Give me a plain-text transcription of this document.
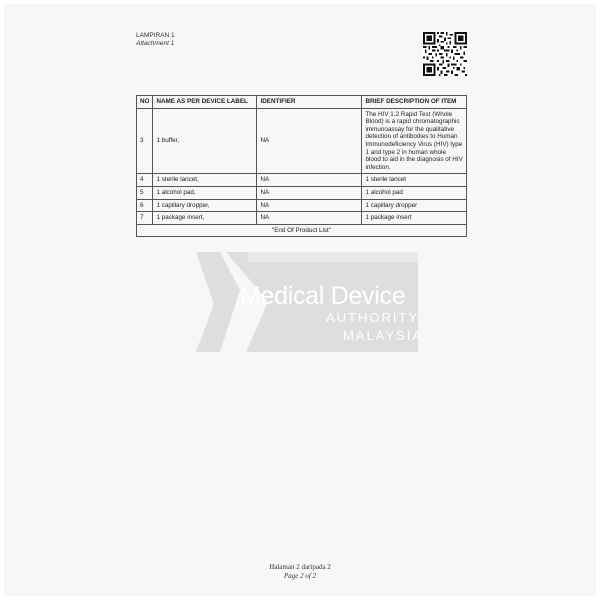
LAMPIRAN 1
Attachment 1
Medical Device
AUTHORITY
MALAYSIA
NO	NAME AS PER DEVICE LABEL	IDENTIFIER	BRIEF DESCRIPTION OF ITEM
3	1 buffer,	NA	The HIV 1.2 Rapid Test (Whole Blood) is a rapid chromatographic immunoassay for the qualitative detection of antibodies to Human Immunodeficiency Virus (HIV) type 1 and type 2 in human whole blood to aid in the diagnosis of HIV infection.
4	1 sterile lancet,	NA	1 sterile lancet
5	1 alcohol pad,	NA	1 alcohol pad
6	1 capillary dropper,	NA	1 capillary dropper
7	1 package insert,	NA	1 package insert
"End Of Product List"			
Halaman 2 daripada 2
Page 2 of 2
